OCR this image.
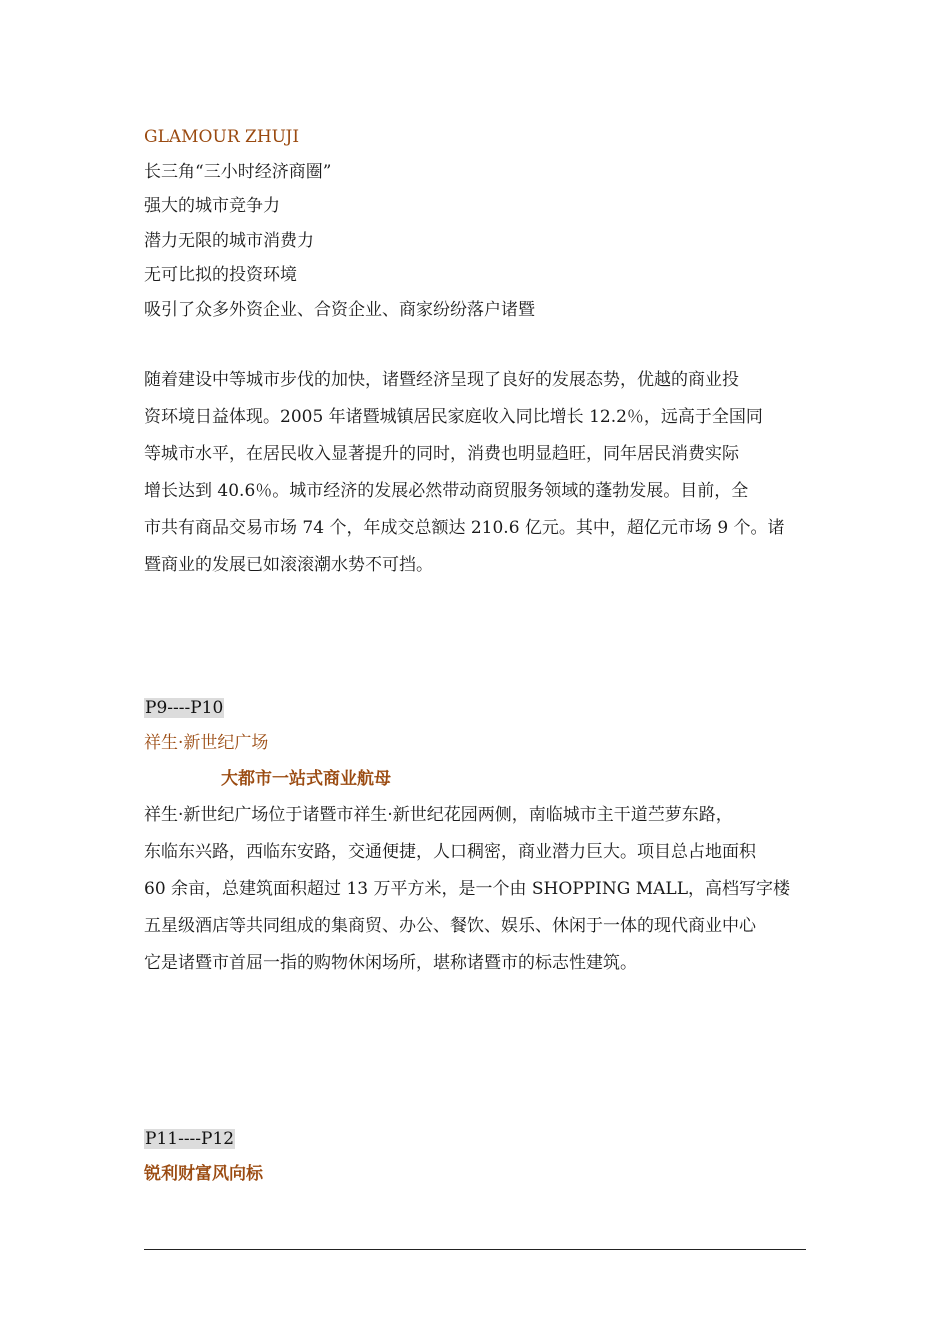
GLAMOUR ZHUJI
长三角“三小时经济商圈”
强大的城市竞争力
潜力无限的城市消费力
无可比拟的投资环境
吸引了众多外资企业、合资企业、商家纷纷落户诸暨
随着建设中等城市步伐的加快，诸暨经济呈现了良好的发展态势，优越的商业投
资环境日益体现。2005 年诸暨城镇居民家庭收入同比增长 12.2％，远高于全国同
等城市水平，在居民收入显著提升的同时，消费也明显趋旺，同年居民消费实际
增长达到 40.6％。城市经济的发展必然带动商贸服务领域的蓬勃发展。目前，全
市共有商品交易市场 74 个，年成交总额达 210.6 亿元。其中，超亿元市场 9 个。诸
暨商业的发展已如滚滚潮水势不可挡。
P9----P10
祥生·新世纪广场
大都市一站式商业航母
祥生·新世纪广场位于诸暨市祥生·新世纪花园两侧，南临城市主干道苎萝东路，
东临东兴路，西临东安路，交通便捷，人口稠密，商业潜力巨大。项目总占地面积
60 余亩，总建筑面积超过 13 万平方米，是一个由 SHOPPING MALL，高档写字楼
五星级酒店等共同组成的集商贸、办公、餐饮、娱乐、休闲于一体的现代商业中心
它是诸暨市首屈一指的购物休闲场所，堪称诸暨市的标志性建筑。
P11----P12
锐利财富风向标
